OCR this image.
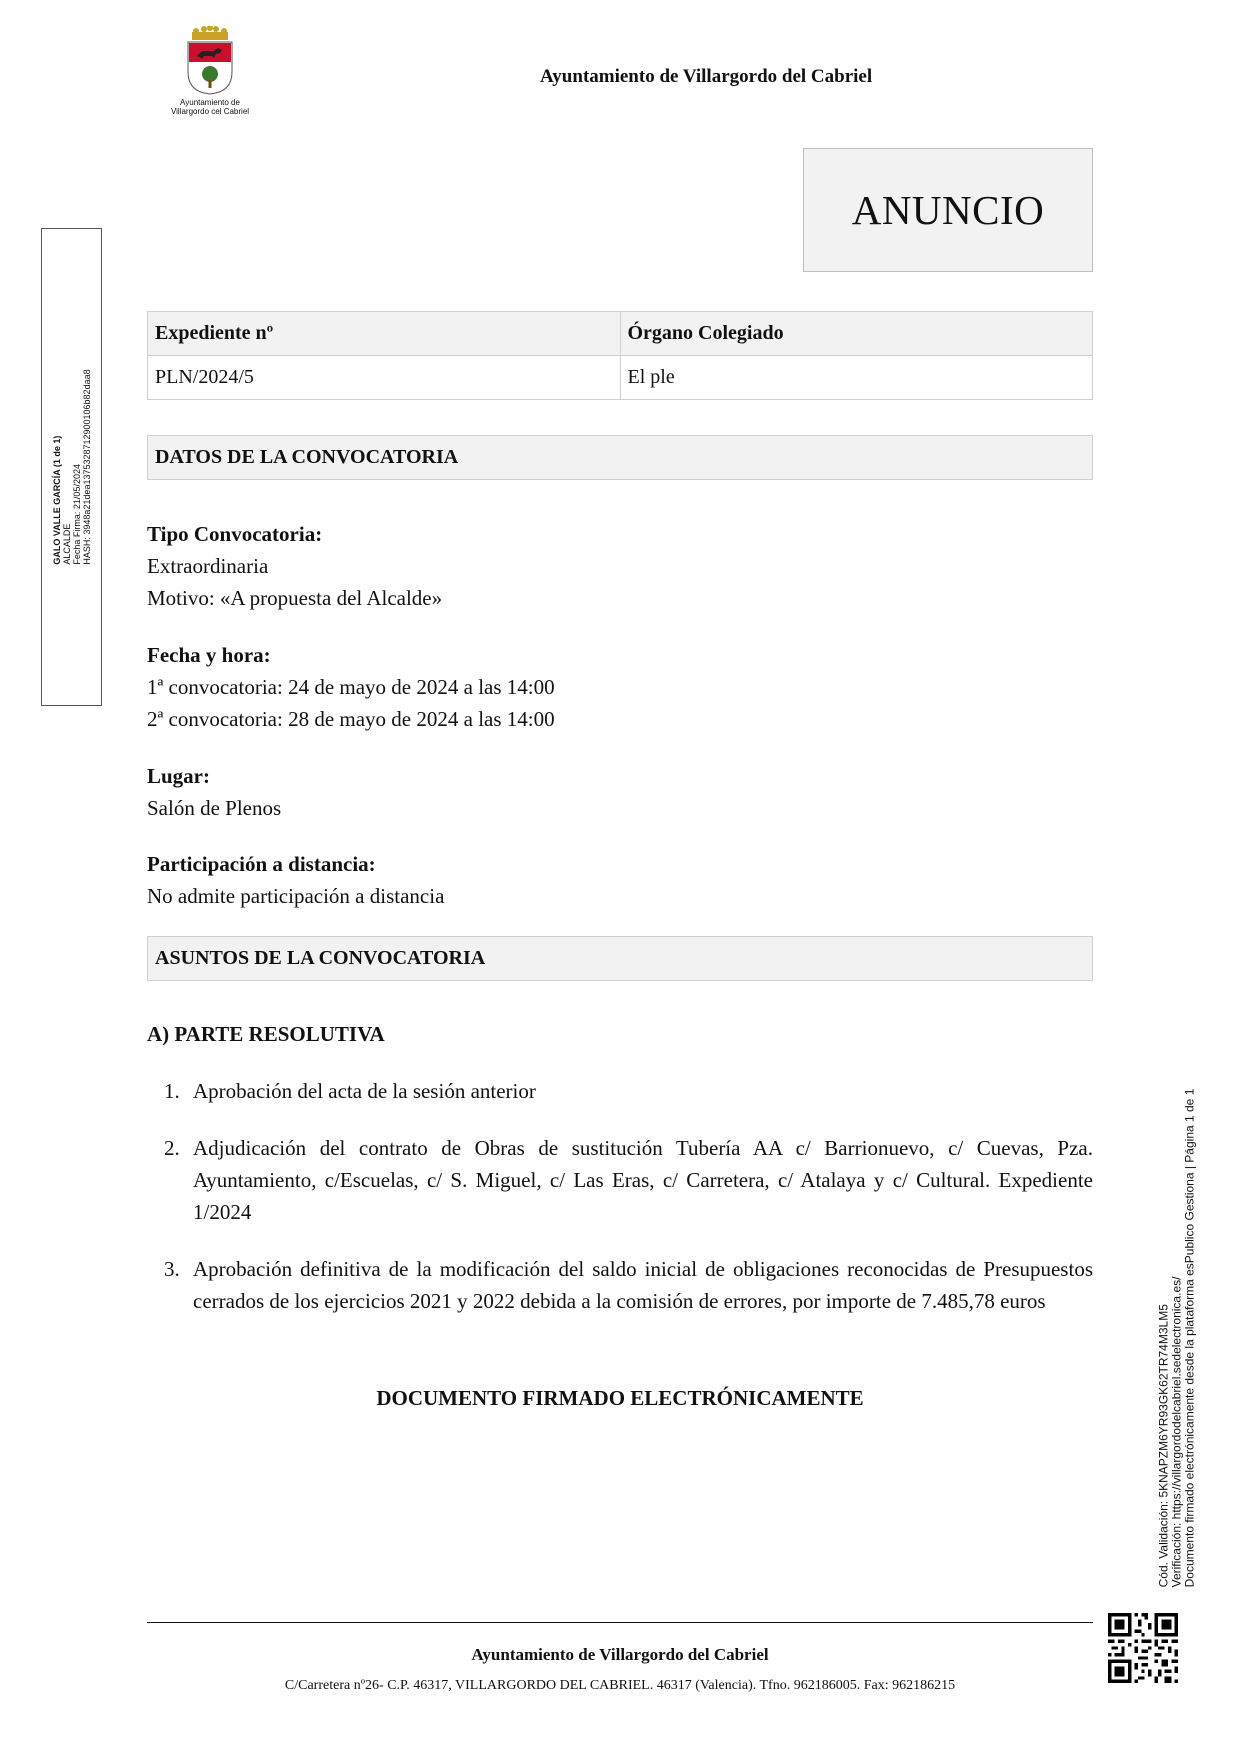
Ayuntamiento de
Villargordo cel Cabriel
Ayuntamiento de Villargordo del Cabriel
ANUNCIO
Expediente nº	Órgano Colegiado
PLN/2024/5	El ple
DATOS DE LA CONVOCATORIA
Tipo Convocatoria:
Extraordinaria
Motivo: «A propuesta del Alcalde»
Fecha y hora:
1ª convocatoria: 24 de mayo de 2024 a las 14:00
2ª convocatoria: 28 de mayo de 2024 a las 14:00
Lugar:
Salón de Plenos
Participación a distancia:
No admite participación a distancia
ASUNTOS DE LA CONVOCATORIA
A) PARTE RESOLUTIVA
1. Aprobación del acta de la sesión anterior
2. Adjudicación del contrato de Obras de sustitución Tubería AA c/ Barrionuevo, c/ Cuevas, Pza. Ayuntamiento, c/Escuelas, c/ S. Miguel, c/ Las Eras, c/ Carretera, c/ Atalaya y c/ Cultural. Expediente 1/2024
3. Aprobación definitiva de la modificación del saldo inicial de obligaciones reconocidas de Presupuestos cerrados de los ejercicios 2021 y 2022 debida a la comisión de errores, por importe de 7.485,78 euros
DOCUMENTO FIRMADO ELECTRÓNICAMENTE
Ayuntamiento de Villargordo del Cabriel
C/Carretera nº26- C.P. 46317, VILLARGORDO DEL CABRIEL. 46317 (Valencia). Tfno. 962186005. Fax: 962186215
GALO VALLE GARCÍA (1 de 1) ALCALDE Fecha Firma: 21/05/2024 HASH: 3948a21dea1375328712900106b82daa8
Cód. Validación: 5KNAPZM6YR93GK62TR74M3LM5 Verificación: https://villargordodelcabriel.sedelectronica.es/ Documento firmado electrónicamente desde la plataforma esPublico Gestiona | Página 1 de 1
